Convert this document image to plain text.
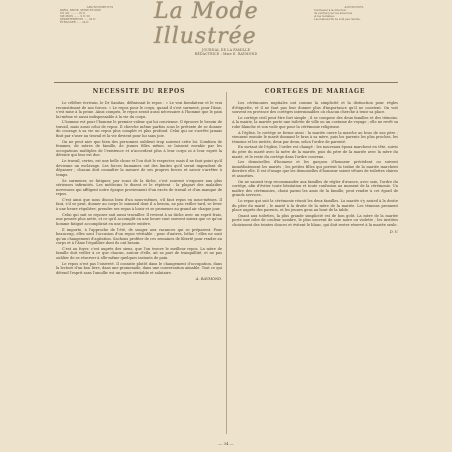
ABONNEMENTS
PARIS, SEINE, SEINE-ET-OISE
UN AN ......... 18 fr.
SIX MOIS ....... 9 fr. 50
DÉPARTEMENTS ..... 20 fr.
ÉTRANGER ...... 24 fr.	La Mode Illustrée
ANNONCES
S'adresser à la direction
du journal pour les annonces
et les réclames.
Les manuscrits ne sont pas rendus.
JOURNAL DE LA FAMILLE
RÉDACTRICE : Mme E. RAYMOND
NÉCESSITÉ DU REPOS

Le célèbre écrivain, le Dr Sanitas, définissait le repos : « Le vrai bienfaiteur et le vrai reconstituant de nos forces. » Le repos pour le corps, quand il s'est surmené, pour l'âme, s'est mise à la peine. Ainsi compris, le repos serait aussi nécessaire à l'homme que le pain lui-même et aussi indispensable à la vie du corps.

L'homme est pour l'homme le premier valeur qui lui convienne. Il éprouve le besoin de travail, mais aussi celui de repos. Il cherche même parfois sous le prétexte de se donner du courage à sa vie un repos plus complet et plus profond. Celui qui ne s'arrête jamais finit par s'user au travail et la vie devient pour lui sans joie.

On ne peut nier que bien des personnes oublient trop souvent cette loi. Combien de femmes, de mères de famille, de jeunes filles même, se laissent envahir par les occupations multiples de l'existence et n'accordent plus à leur corps ni à leur esprit la détente qui leur est due.

Le travail, certes, est une belle chose et l'on doit le respecter, mais il ne faut point qu'il devienne un esclavage. Les forces humaines ont des limites qu'il serait imprudent de dépasser ; chacun doit connaître la mesure de ses propres forces et savoir s'arrêter à temps.

Se surmener, se fatiguer, par souci de la tâche, c'est souvent s'exposer aux plus sérieuses infirmités. Les médecins le disent et le répètent : la plupart des maladies nerveuses qui affligent notre époque proviennent d'un excès de travail et d'un manque de repos.

C'est ainsi que nous disons bien d'un nous-mêmes, s'il faut repos en nous-mêmes. Il faut, s'il se peut, donner au corps le sommeil dont il a besoin, ne pas veiller tard, se lever à une heure régulière, prendre ses repas à loisir et se promener au grand air chaque jour.

Celui qui sait se reposer sait aussi travailler. Il revient à sa tâche avec un esprit frais, une pensée plus nette, et ce qu'il accomplit en une heure vaut souvent mieux que ce qu'un homme fatigué accomplirait en une journée entière.

Il importe, à l'approche de l'été, de songer aux vacances qui se préparent. Pour beaucoup, elles sont l'occasion d'un repos véritable ; pour d'autres, hélas ! elles ne sont qu'un changement d'agitation. Sachons profiter de ces semaines de liberté pour rendre au corps et à l'âme l'équilibre dont ils ont besoin.

C'est au foyer, c'est auprès des siens, que l'on trouve le meilleur repos. La mère de famille doit veiller à ce que chacun, autour d'elle, ait sa part de tranquillité, et ne pas oublier de se réserver à elle-même quelques instants de paix.

Le repos n'est pas l'oisiveté. Il consiste plutôt dans le changement d'occupation, dans la lecture d'un bon livre, dans une promenade, dans une conversation aimable. Tout ce qui détend l'esprit sans l'amollir est un repos véritable et salutaire.

A. RAYMOND.
CORTÈGES DE MARIAGE

Les cérémonies nuptiales ont comme la simplicité et la distinction pour règles d'étiquette, et il ne faut pas leur donner plus d'importance qu'il ne convient. On voit souvent en province des cortèges interminables où chacun cherche à tenir sa place.

Le cortège civil peut être fort simple ; il se compose des deux familles et des témoins. A la mairie, la mariée porte une toilette de ville ou un costume de voyage ; elle ne revêt sa robe blanche et son voile que pour la cérémonie religieuse.

A l'église, le cortège se forme ainsi : la mariée ouvre la marche au bras de son père ; viennent ensuite le marié donnant le bras à sa mère, puis les parents les plus proches, les témoins et les invités, deux par deux, selon l'ordre de parenté.

En sortant de l'église, l'ordre est changé : les nouveaux époux marchent en tête, suivis du père du marié avec la mère de la mariée, puis du père de la mariée avec la mère du marié, et le reste du cortège dans l'ordre convenu.

Les demoiselles d'honneur et les garçons d'honneur précèdent ou suivent immédiatement les mariés ; les petites filles qui portent la traîne de la mariée marchent derrière elle. Il est d'usage que les demoiselles d'honneur soient vêtues de toilettes claires et assorties.

On ne saurait trop recommander aux familles de régler d'avance, avec soin, l'ordre du cortège, afin d'éviter toute hésitation et toute confusion au moment de la cérémonie. Un maître des cérémonies, choisi parmi les amis de la famille, peut rendre à cet égard de grands services.

Le repas qui suit la cérémonie réunit les deux familles. La mariée s'y assied à la droite du père du marié ; le marié à la droite de la mère de la mariée. Les témoins prennent place auprès des parents, et les jeunes gens au bout de la table.

Quant aux toilettes, la plus grande simplicité est de bon goût. La mère de la mariée porte une robe de couleur sombre, le plus souvent de soie noire ou violette ; les invitées choisissent des teintes douces et évitent le blanc, qui doit rester réservé à la mariée seule.

D. V.
— 34 —
